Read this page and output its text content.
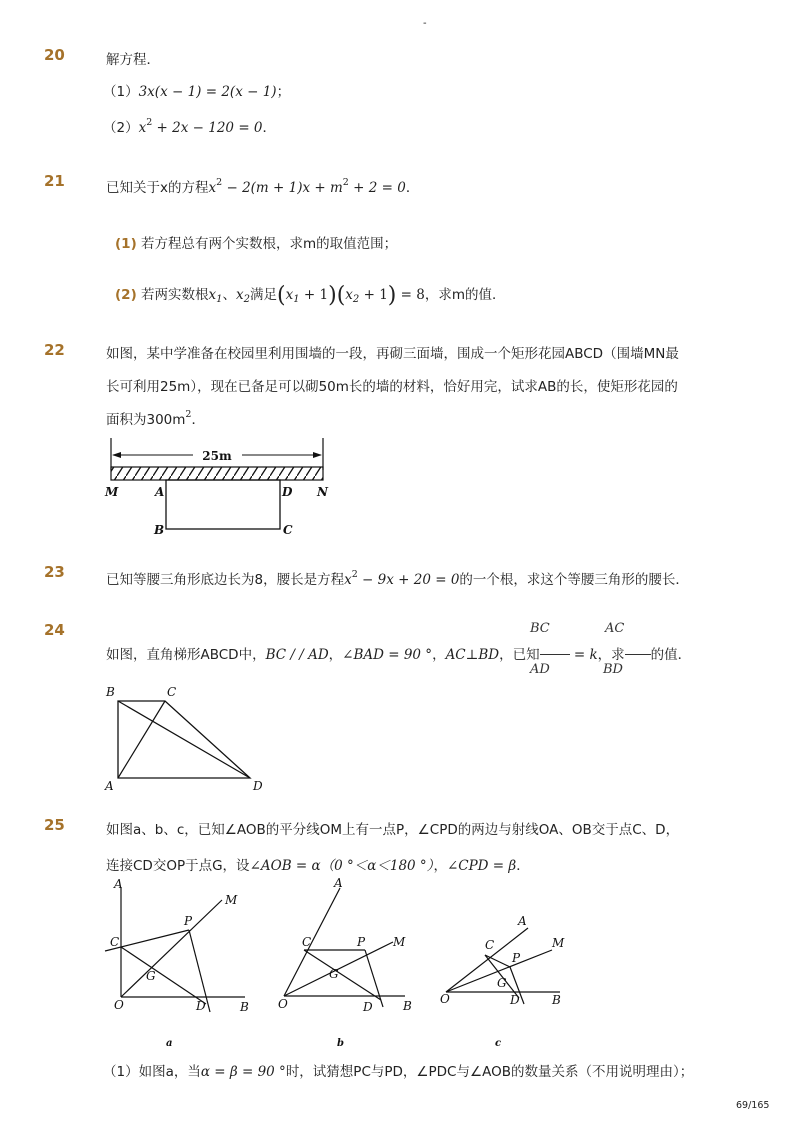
-
20	解方程．
（1）3x(x − 1) = 2(x − 1)；
$(2)x^2 + 2x - 120 = 0$．
21	已知关于x的方程$x^2 - 2(m + 1)x + m^2 + 2 = 0$．
(1) 若方程总有两个实数根，求m的取值范围；
(2) 若两实数根$x_1$、$x_2$满足$(x_1 + 1)(x_2 + 1) = 8$，求m的值．
22	如图，某中学准备在校园里利用围墙的一段，再砌三面墙，围成一个矩形花园ABCD（围墙MN最
长可利用25m），现在已备足可以砌50m长的墙的材料，恰好用完，试求AB的长，使矩形花园的
面积为$300m^2$．
25m
M	A	D N
B	C
23	已知等腰三角形底边长为8，腰长是方程$x^2 - 9x + 20 = 0$的一个根，求这个等腰三角形的腰长．
24	BC	AC
如图，直角梯形ABCD中，BC / / AD，∠BAD = 90 °，AC⊥BD，已知 = k，求 的值．
AD	BD
B	C
A	D
25	如图a、b、c，已知∠AOB的平分线OM上有一点P，∠CPD的两边与射线OA、OB交于点C、D，
连接CD交OP于点G，设∠AOB = α（0 °＜α＜180 °），∠CPD = β．
A
M
P
C
G
O	D	B
a
A
M
P
C
G
O	D	B
b
A
M
P
C
G
O	D	B
c
（1）如图a，当α = β = 90 °时，试猜想PC与PD，∠PDC与∠AOB的数量关系（不用说明理由）；
69/165
